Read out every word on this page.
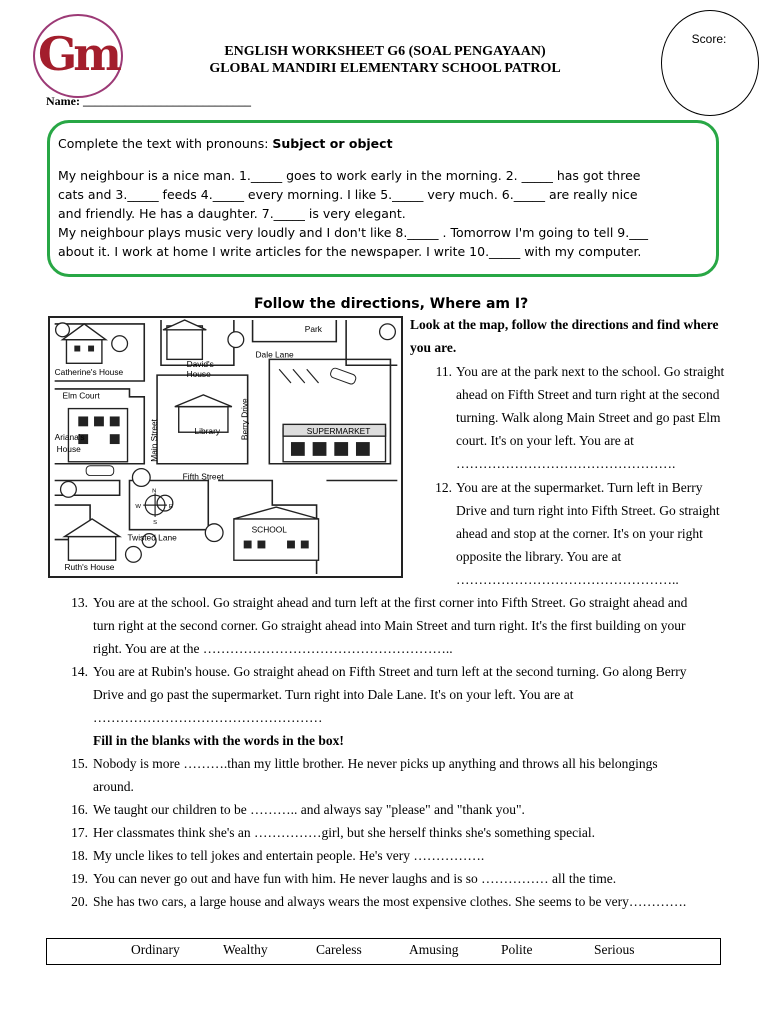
Gm	ENGLISH WORKSHEET G6 (SOAL PENGAYAAN)
GLOBAL MANDIRI ELEMENTARY SCHOOL PATROL
Name: ____________________________
Score:
Complete the text with pronouns: Subject or object
My neighbour is a nice man. 1._____ goes to work early in the morning. 2. _____ has got three
cats and 3._____ feeds 4._____ every morning. I like 5._____ very much. 6._____ are really nice
and friendly. He has a daughter. 7._____ is very elegant.
My neighbour plays music very loudly and I don't like 8._____ . Tomorrow I'm going to tell 9.___
about it. I work at home I write articles for the newspaper. I write 10._____ with my computer.
Follow the directions, Where am I?
Catherine's House
David's
House
Park
Dale Lane
Elm Court
Ariana's
House	Main Street	Library Berry Drive	SUPERMARKET
Fifth Street
Twisted Lane
SCHOOL
Ruth's House
N
S
W	E
Look at the map, follow the directions and find where
you are.
11. You are at the park next to the school. Go straight
ahead on Fifth Street and turn right at the second
turning. Walk along Main Street and go past Elm
court. It's on your left. You are at
………………………………………….
12. You are at the supermarket. Turn left in Berry
Drive and turn right into Fifth Street. Go straight
ahead and stop at the corner. It's on your right
opposite the library. You are at
…………………………………………..
13. You are at the school. Go straight ahead and turn left at the first corner into Fifth Street. Go straight ahead and
turn right at the second corner. Go straight ahead into Main Street and turn right. It's the first building on your
right. You are at the ………………………………………………..
14. You are at Rubin's house. Go straight ahead on Fifth Street and turn left at the second turning. Go along Berry
Drive and go past the supermarket. Turn right into Dale Lane. It's on your left. You are at
……………………………………………
Fill in the blanks with the words in the box!
15. Nobody is more ……….than my little brother. He never picks up anything and throws all his belongings
around.
16. We taught our children to be ……….. and always say "please" and "thank you".
17. Her classmates think she's an ……………girl, but she herself thinks she's something special.
18. My uncle likes to tell jokes and entertain people. He's very …………….
19. You can never go out and have fun with him. He never laughs and is so …………… all the time.
20. She has two cars, a large house and always wears the most expensive clothes. She seems to be very………….
Ordinary	Wealthy	Careless	Amusing	Polite	Serious
